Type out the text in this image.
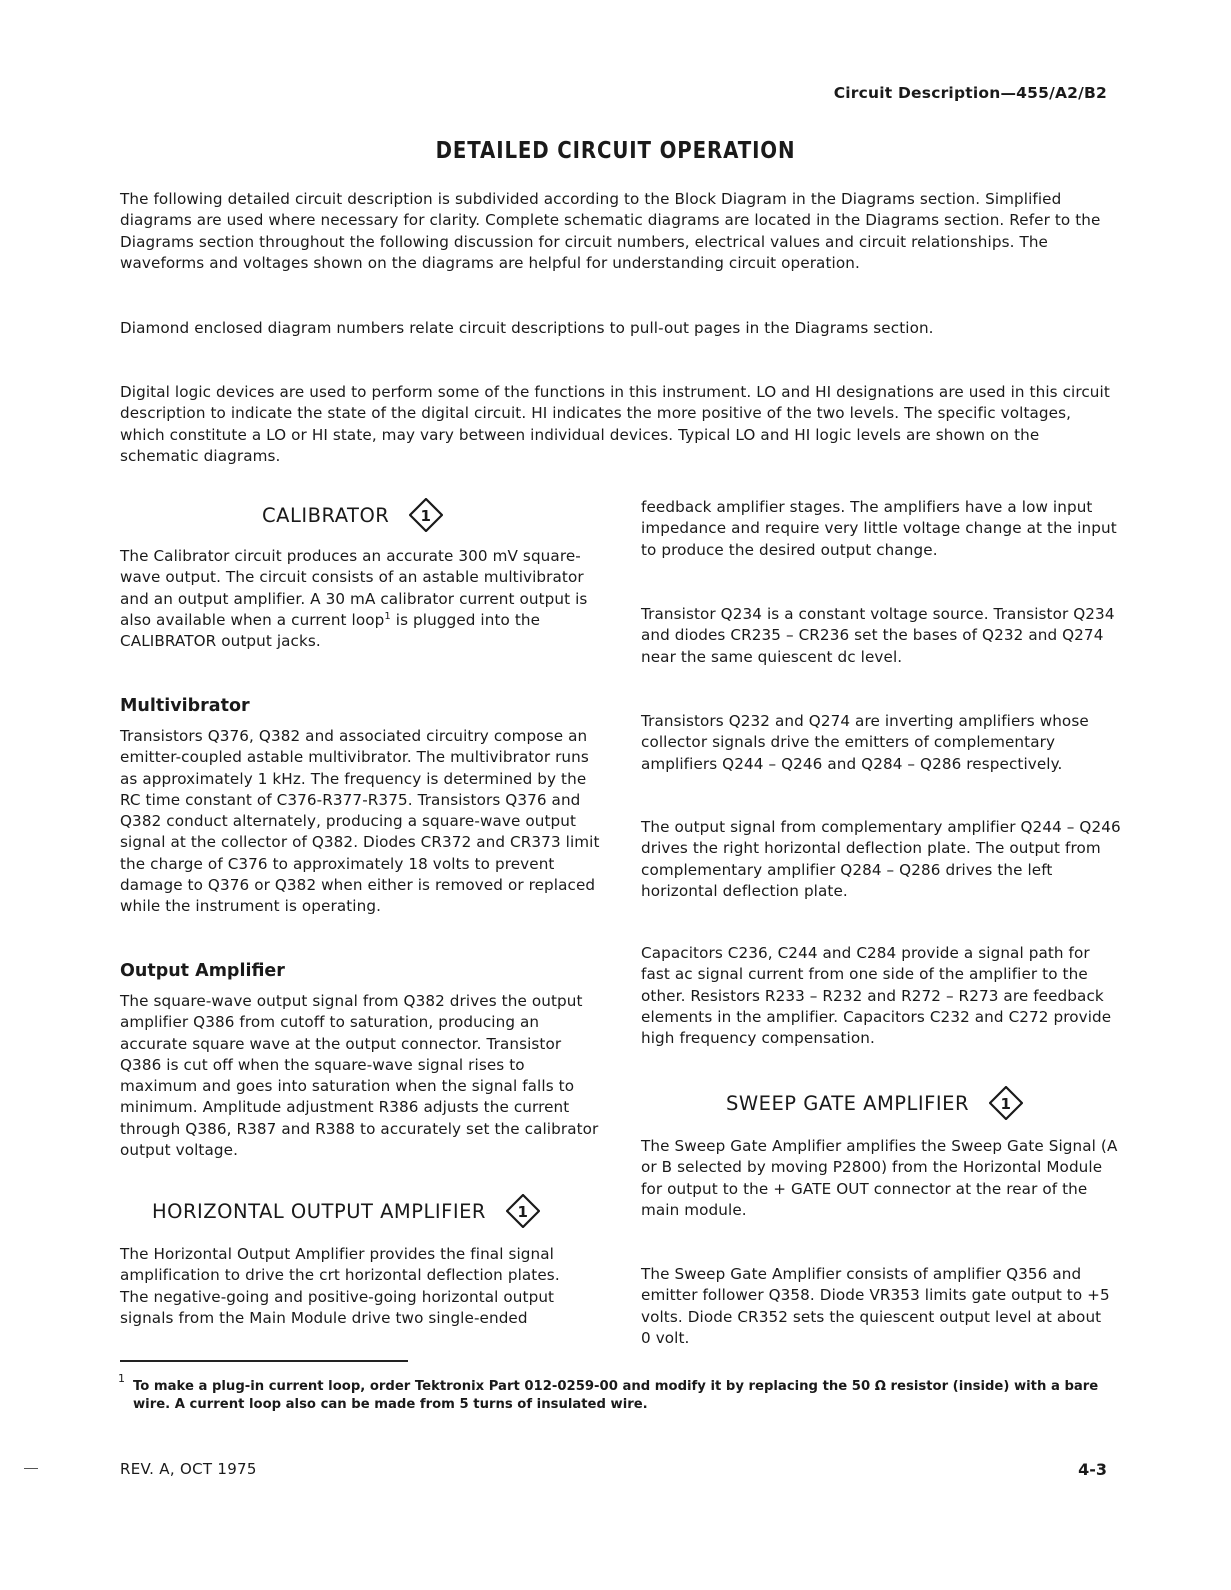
Circuit Description—455/A2/B2
DETAILED CIRCUIT OPERATION

The following detailed circuit description is subdivided according to the Block Diagram in the Diagrams section. Simplified diagrams are used where necessary for clarity. Complete schematic diagrams are located in the Diagrams section. Refer to the Diagrams section throughout the following discussion for circuit numbers, electrical values and circuit relationships. The waveforms and voltages shown on the diagrams are helpful for understanding circuit operation.

Diamond enclosed diagram numbers relate circuit descriptions to pull-out pages in the Diagrams section.

Digital logic devices are used to perform some of the functions in this instrument. LO and HI designations are used in this circuit description to indicate the state of the digital circuit. HI indicates the more positive of the two levels. The specific voltages, which constitute a LO or HI state, may vary between individual devices. Typical LO and HI logic levels are shown on the schematic diagrams.

CALIBRATOR 1

The Calibrator circuit produces an accurate 300 mV square-wave output. The circuit consists of an astable multivibrator and an output amplifier. A 30 mA calibrator current output is also available when a current loop$^1$ is plugged into the CALIBRATOR output jacks.

Multivibrator

Transistors Q376, Q382 and associated circuitry compose an emitter-coupled astable multivibrator. The multivibrator runs as approximately 1 kHz. The frequency is determined by the RC time constant of C376-R377-R375. Transistors Q376 and Q382 conduct alternately, producing a square-wave output signal at the collector of Q382. Diodes CR372 and CR373 limit the charge of C376 to approximately 18 volts to prevent damage to Q376 or Q382 when either is removed or replaced while the instrument is operating.

Output Amplifier

The square-wave output signal from Q382 drives the output amplifier Q386 from cutoff to saturation, producing an accurate square wave at the output connector. Transistor Q386 is cut off when the square-wave signal rises to maximum and goes into saturation when the signal falls to minimum. Amplitude adjustment R386 adjusts the current through Q386, R387 and R388 to accurately set the calibrator output voltage.

HORIZONTAL OUTPUT AMPLIFIER 1

The Horizontal Output Amplifier provides the final signal amplification to drive the crt horizontal deflection plates. The negative-going and positive-going horizontal output signals from the Main Module drive two single-ended

feedback amplifier stages. The amplifiers have a low input impedance and require very little voltage change at the input to produce the desired output change.

Transistor Q234 is a constant voltage source. Transistor Q234 and diodes CR235 – CR236 set the bases of Q232 and Q274 near the same quiescent dc level.

Transistors Q232 and Q274 are inverting amplifiers whose collector signals drive the emitters of complementary amplifiers Q244 – Q246 and Q284 – Q286 respectively.

The output signal from complementary amplifier Q244 – Q246 drives the right horizontal deflection plate. The output from complementary amplifier Q284 – Q286 drives the left horizontal deflection plate.

Capacitors C236, C244 and C284 provide a signal path for fast ac signal current from one side of the amplifier to the other. Resistors R233 – R232 and R272 – R273 are feedback elements in the amplifier. Capacitors C232 and C272 provide high frequency compensation.

SWEEP GATE AMPLIFIER 1

The Sweep Gate Amplifier amplifies the Sweep Gate Signal (A or B selected by moving P2800) from the Horizontal Module for output to the + GATE OUT connector at the rear of the main module.

The Sweep Gate Amplifier consists of amplifier Q356 and emitter follower Q358. Diode VR353 limits gate output to +5 volts. Diode CR352 sets the quiescent output level at about 0 volt.

1

To make a plug-in current loop, order Tektronix Part 012-0259-00 and modify it by replacing the 50 Ω resistor (inside) with a bare wire. A current loop also can be made from 5 turns of insulated wire.

REV. A, OCT 1975	4-3
